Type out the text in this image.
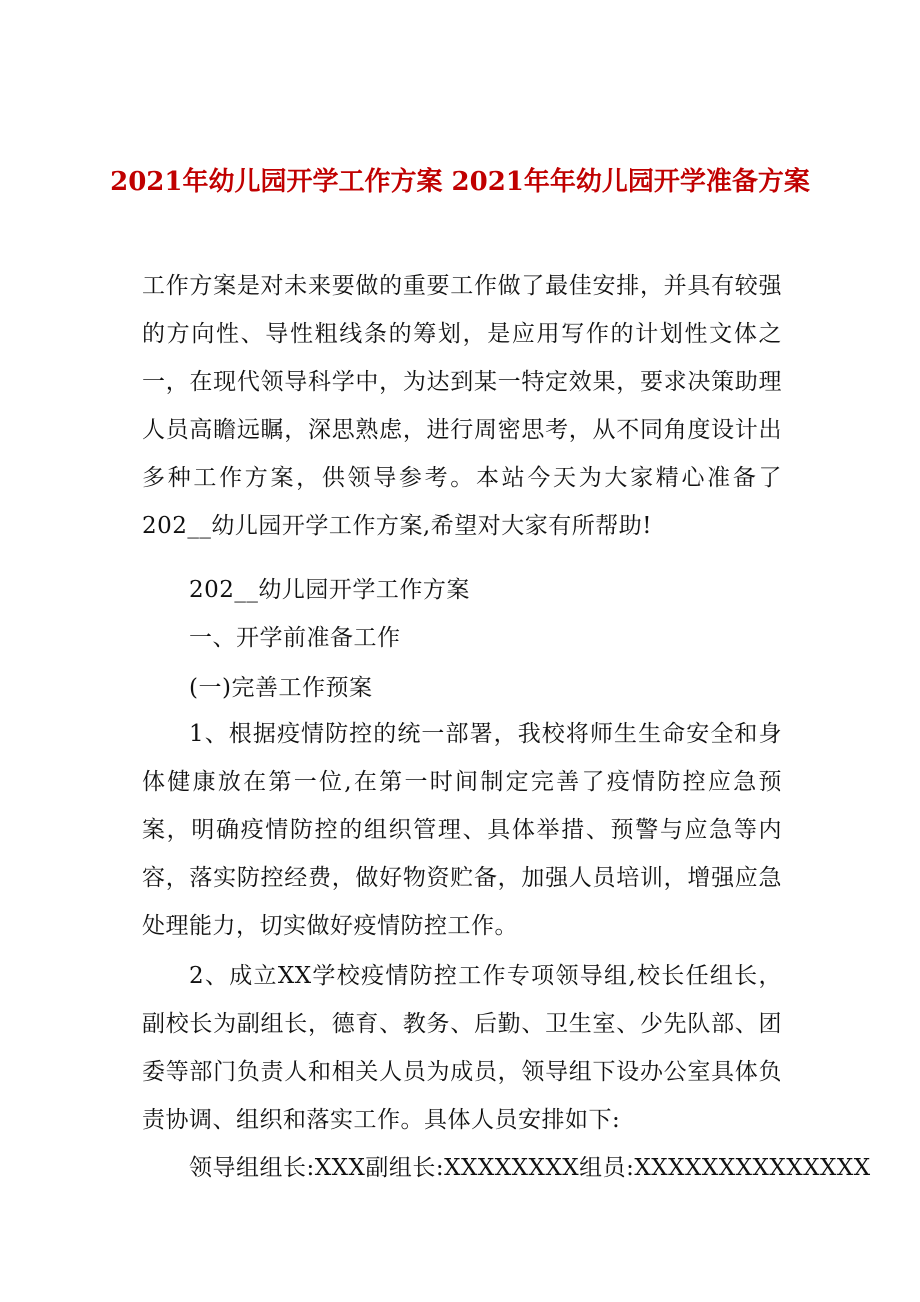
2021年幼儿园开学工作方案 2021年年幼儿园开学准备方案

工作方案是对未来要做的重要工作做了最佳安排，并具有较强的方向性、导性粗线条的筹划，是应用写作的计划性文体之一，在现代领导科学中，为达到某一特定效果，要求决策助理人员高瞻远瞩，深思熟虑，进行周密思考，从不同角度设计出多种工作方案，供领导参考。本站今天为大家精心准备了202__幼儿园开学工作方案,希望对大家有所帮助!

202__幼儿园开学工作方案

一、开学前准备工作

(一)完善工作预案

1、根据疫情防控的统一部署，我校将师生生命安全和身体健康放在第一位,在第一时间制定完善了疫情防控应急预案，明确疫情防控的组织管理、具体举措、预警与应急等内容，落实防控经费，做好物资贮备，加强人员培训，增强应急处理能力，切实做好疫情防控工作。

2、成立XX学校疫情防控工作专项领导组,校长任组长，副校长为副组长，德育、教务、后勤、卫生室、少先队部、团委等部门负责人和相关人员为成员，领导组下设办公室具体负责协调、组织和落实工作。具体人员安排如下:

领导组组长:XXX副组长:XXXXXXXX组员:XXXXXXXXXXXXXX
